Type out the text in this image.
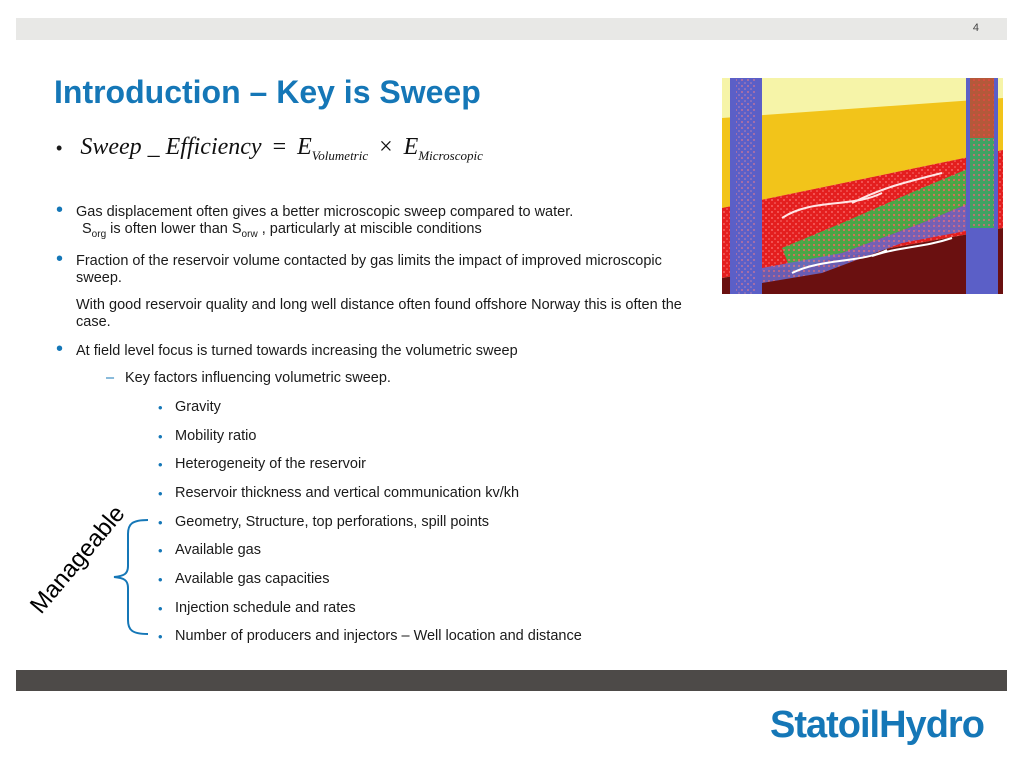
4
Introduction – Key is Sweep
• Sweep _ Efficiency = $E_{Volumetric} \times E_{Microscopic}$
• Gas displacement often gives a better microscopic sweep compared to water.
$S_{org}$ is often lower than $S_{orw}$ , particularly at miscible conditions
• Fraction of the reservoir volume contacted by gas limits the impact of improved microscopic sweep.
With good reservoir quality and long well distance often found offshore Norway this is often the case.
• At field level focus is turned towards increasing the volumetric sweep
– Key factors influencing volumetric sweep.
• Gravity
• Mobility ratio
• Heterogeneity of the reservoir
• Reservoir thickness and vertical communication kv/kh
• Geometry, Structure, top perforations, spill points
• Available gas
• Available gas capacities
• Injection schedule and rates
• Number of producers and injectors – Well location and distance
Manageable
StatoilHydro
